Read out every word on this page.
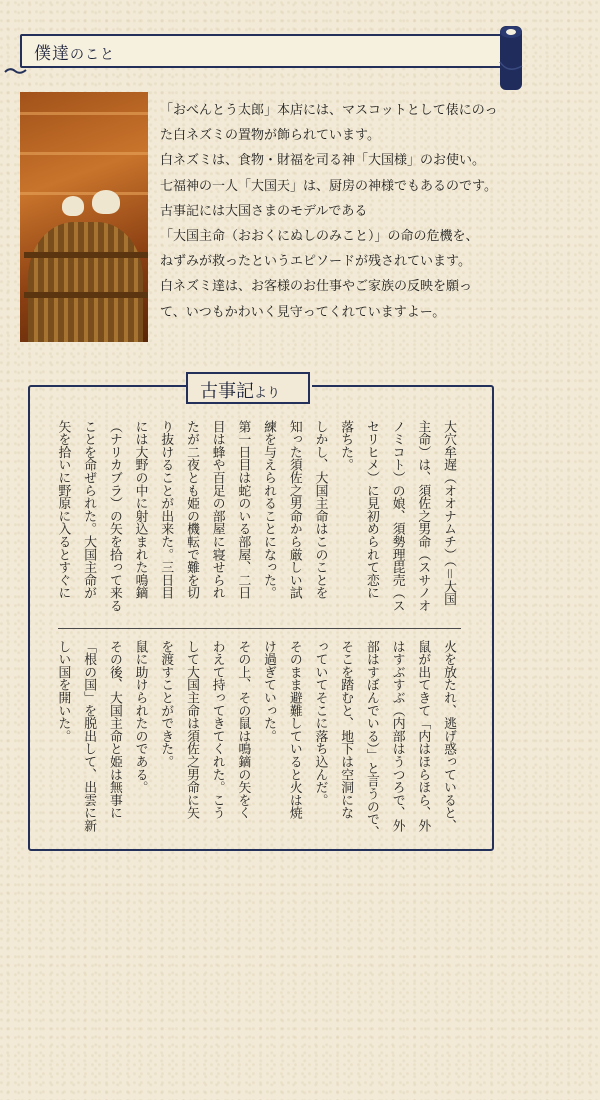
僕達のこと

「おべんとう太郎」本店には、マスコットとして俵にのっ

た白ネズミの置物が飾られています。

白ネズミは、食物・財福を司る神「大国様」のお使い。

七福神の一人「大国天」は、厨房の神様でもあるのです。

古事記には大国さまのモデルである

「大国主命（おおくにぬしのみこと）」の命の危機を、

ねずみが救ったというエピソードが残されています。

白ネズミ達は、お客様のお仕事やご家族の反映を願っ

て、いつもかわいく見守ってくれていますよー。

古事記より

大穴牟遅（オオナムチ）（＝大国

主命）は、須佐之男命（スサノオ

ノミコト）の娘、須勢理毘売（ス

セリヒメ）に見初められて恋に

落ちた。

しかし、大国主命はこのことを

知った須佐之男命から厳しい試

練を与えられることになった。

第一日目は蛇のいる部屋、二日

目は蜂や百足の部屋に寝せられ

たが二夜とも姫の機転で難を切

り抜けることが出来た。三日目

には大野の中に射込まれた鳴鏑

（ナリカブラ）の矢を拾って来る

ことを命ぜられた。大国主命が

矢を拾いに野原に入るとすぐに

火を放たれ、逃げ惑っていると、

鼠が出てきて「内はほらほら、外

はすぶすぶ（内部はうつろで、外

部はすぼんでいる）」と言うので、

そこを踏むと、地下は空洞にな

っていてそこに落ち込んだ。

そのまま避難していると火は焼

け過ぎていった。

その上、その鼠は鳴鏑の矢をく

わえて持ってきてくれた。こう

して大国主命は須佐之男命に矢

を渡すことができた。

鼠に助けられたのである。

その後、大国主命と姫は無事に

「根の国」を脱出して、出雲に新

しい国を開いた。
